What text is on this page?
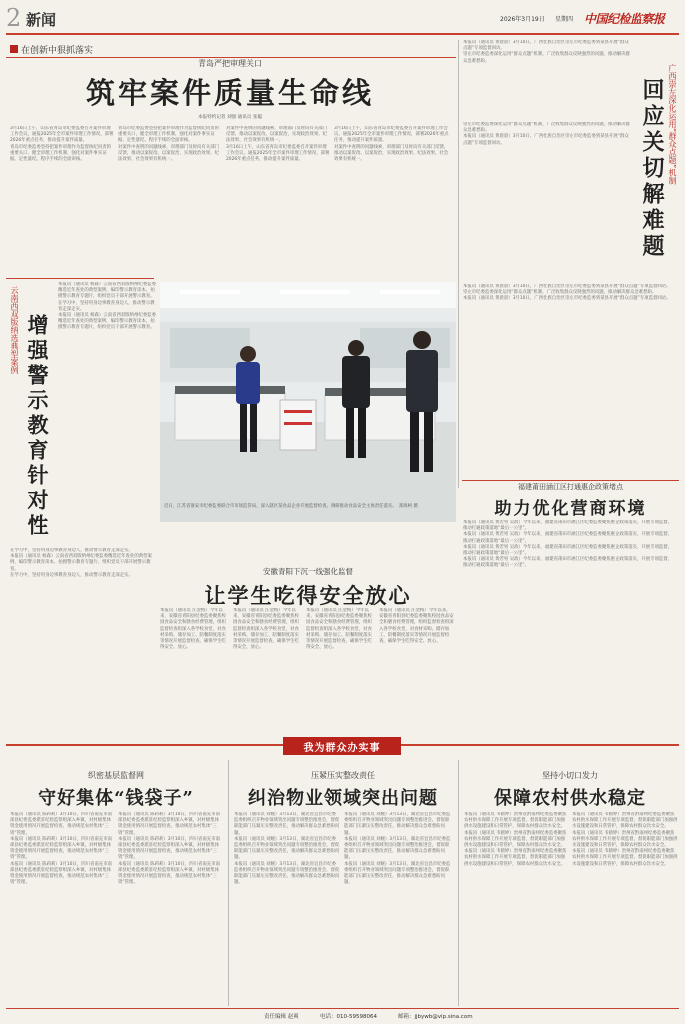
2 新闻	2026年3月19日 星期四 中国纪检监察报
在创新中狠抓落实
青岛严把审理关口
筑牢案件质量生命线
本报特约记者 刘强 通讯员 张聪

3月16日上午，山东省青岛市纪委监委召开案件审理工作会议，通报2025年全市案件审理工作情况，部署2026年重点任务，推动提升案件质量。

青岛市纪委监委坚持把案件审理作为监督执纪问责的重要关口，健全审理工作机制，强化对案件事实证据、定性量纪、程序手续的全面审核。

青岛市纪委监委坚持把案件审理作为监督执纪问责的重要关口，健全审理工作机制，强化对案件事实证据、定性量纪、程序手续的全面审核。

对案件中查明的问题线索，审理部门及时向有关部门反馈，推动以案促改、以案促治，实现政治效果、纪法效果、社会效果有机统一。

对案件中查明的问题线索，审理部门及时向有关部门反馈，推动以案促改、以案促治，实现政治效果、纪法效果、社会效果有机统一。

3月16日上午，山东省青岛市纪委监委召开案件审理工作会议，通报2025年全市案件审理工作情况，部署2026年重点任务，推动提升案件质量。

3月16日上午，山东省青岛市纪委监委召开案件审理工作会议，通报2025年全市案件审理工作情况，部署2026年重点任务，推动提升案件质量。

对案件中查明的问题线索，审理部门及时向有关部门反馈，推动以案促改、以案促治，实现政治效果、纪法效果、社会效果有机统一。	回应关切解难题 广西崇左深化运用“群众点题”机制

本报讯（通讯员 黄晨晨）3月10日，广西壮族自治区崇左市纪委监委到某县开展“群众点题”专项监督回访。

崇左市纪委监委深化运用“群众点题”机制，广泛收集群众反映强烈的问题，推动解决群众急难愁盼。

崇左市纪委监委深化运用“群众点题”机制，广泛收集群众反映强烈的问题，推动解决群众急难愁盼。

本报讯（通讯员 黄晨晨）3月10日，广西壮族自治区崇左市纪委监委到某县开展“群众点题”专项监督回访。

本报讯（通讯员 黄晨晨）3月10日，广西壮族自治区崇左市纪委监委到某县开展“群众点题”专项监督回访。

崇左市纪委监委深化运用“群众点题”机制，广泛收集群众反映强烈的问题，推动解决群众急难愁盼。

本报讯（通讯员 黄晨晨）3月10日，广西壮族自治区崇左市纪委监委到某县开展“群众点题”专项监督回访。

云南西双版纳选典型案例 增强警示教育针对性

本报讯（通讯员 杨森）云南省西双版纳州纪委监委精选近年查处的典型案例，编印警示教育读本，拍摄警示教育专题片，组织党员干部开展警示教育。

在学习中，坚持用身边事教育身边人，推动警示教育走深走实。

本报讯（通讯员 杨森）云南省西双版纳州纪委监委精选近年查处的典型案例，编印警示教育读本，拍摄警示教育专题片，组织党员干部开展警示教育。

在学习中，坚持用身边事教育身边人，推动警示教育走深走实。

本报讯（通讯员 杨森）云南省西双版纳州纪委监委精选近年查处的典型案例，编印警示教育读本，拍摄警示教育专题片，组织党员干部开展警示教育。

在学习中，坚持用身边事教育身边人，推动警示教育走深走实。

近日，江苏省淮安市纪委监委联合市市场监管局，深入辖区某食品企业开展监督检查，调研推动食品安全主体责任落实。　郑海柯 摄
福建莆田涵江区打通惠企政策堵点
助力优化营商环境

本报讯（通讯员 黄若男 吴政）今年以来，福建省莆田市涵江区纪委监委聚焦惠企政策落实，开展专项监督，推动打通政策落地“最后一公里”。

本报讯（通讯员 黄若男 吴政）今年以来，福建省莆田市涵江区纪委监委聚焦惠企政策落实，开展专项监督，推动打通政策落地“最后一公里”。

本报讯（通讯员 黄若男 吴政）今年以来，福建省莆田市涵江区纪委监委聚焦惠企政策落实，开展专项监督，推动打通政策落地“最后一公里”。

本报讯（通讯员 黄若男 吴政）今年以来，福建省莆田市涵江区纪委监委聚焦惠企政策落实，开展专项监督，推动打通政策落地“最后一公里”。

安徽青阳下沉一线强化监督
让学生吃得安全放心

本报讯（通讯员 汪金梅）今年以来，安徽省青阳县纪委监委聚焦校园食品安全和膳食经费管理，组织监督检查组深入各学校食堂，对食材采购、储存加工、陪餐制度落实等情况开展监督检查，确保学生吃得安全、放心。

本报讯（通讯员 汪金梅）今年以来，安徽省青阳县纪委监委聚焦校园食品安全和膳食经费管理，组织监督检查组深入各学校食堂，对食材采购、储存加工、陪餐制度落实等情况开展监督检查，确保学生吃得安全、放心。

本报讯（通讯员 汪金梅）今年以来，安徽省青阳县纪委监委聚焦校园食品安全和膳食经费管理，组织监督检查组深入各学校食堂，对食材采购、储存加工、陪餐制度落实等情况开展监督检查，确保学生吃得安全、放心。

本报讯（通讯员 汪金梅）今年以来，安徽省青阳县纪委监委聚焦校园食品安全和膳食经费管理，组织监督检查组深入各学校食堂，对食材采购、储存加工、陪餐制度落实等情况开展监督检查，确保学生吃得安全、放心。

我为群众办实事
织密基层监督网
守好集体“钱袋子”

本报讯（通讯员 陈莉莉）3月10日，四川省南充市南部县纪委监委派驻纪检监察组深入乡镇，对村级集体资金使用情况开展监督检查，推动规范农村集体“三资”管理。

本报讯（通讯员 陈莉莉）3月10日，四川省南充市南部县纪委监委派驻纪检监察组深入乡镇，对村级集体资金使用情况开展监督检查，推动规范农村集体“三资”管理。

本报讯（通讯员 陈莉莉）3月10日，四川省南充市南部县纪委监委派驻纪检监察组深入乡镇，对村级集体资金使用情况开展监督检查，推动规范农村集体“三资”管理。

本报讯（通讯员 陈莉莉）3月10日，四川省南充市南部县纪委监委派驻纪检监察组深入乡镇，对村级集体资金使用情况开展监督检查，推动规范农村集体“三资”管理。

本报讯（通讯员 陈莉莉）3月10日，四川省南充市南部县纪委监委派驻纪检监察组深入乡镇，对村级集体资金使用情况开展监督检查，推动规范农村集体“三资”管理。

本报讯（通讯员 陈莉莉）3月10日，四川省南充市南部县纪委监委派驻纪检监察组深入乡镇，对村级集体资金使用情况开展监督检查，推动规范农村集体“三资”管理。

压紧压实整改责任
纠治物业领域突出问题

本报讯（通讯员 刘婉）3月13日，湖北省宜昌市纪委监委组织召开物业领域突出问题专项整治推进会，督促职能部门压紧压实整改责任，推动解决群众急难愁盼问题。

本报讯（通讯员 刘婉）3月13日，湖北省宜昌市纪委监委组织召开物业领域突出问题专项整治推进会，督促职能部门压紧压实整改责任，推动解决群众急难愁盼问题。

本报讯（通讯员 刘婉）3月13日，湖北省宜昌市纪委监委组织召开物业领域突出问题专项整治推进会，督促职能部门压紧压实整改责任，推动解决群众急难愁盼问题。

本报讯（通讯员 刘婉）3月13日，湖北省宜昌市纪委监委组织召开物业领域突出问题专项整治推进会，督促职能部门压紧压实整改责任，推动解决群众急难愁盼问题。

本报讯（通讯员 刘婉）3月13日，湖北省宜昌市纪委监委组织召开物业领域突出问题专项整治推进会，督促职能部门压紧压实整改责任，推动解决群众急难愁盼问题。

本报讯（通讯员 刘婉）3月13日，湖北省宜昌市纪委监委组织召开物业领域突出问题专项整治推进会，督促职能部门压紧压实整改责任，推动解决群众急难愁盼问题。

坚持小切口发力
保障农村供水稳定

本报讯（通讯员 韦鹤婷）贵州省黔南州纪委监委聚焦农村供水保障工作开展专项监督，督促职能部门加强供水设施建设和日常管护，保障农村群众饮水安全。

本报讯（通讯员 韦鹤婷）贵州省黔南州纪委监委聚焦农村供水保障工作开展专项监督，督促职能部门加强供水设施建设和日常管护，保障农村群众饮水安全。

本报讯（通讯员 韦鹤婷）贵州省黔南州纪委监委聚焦农村供水保障工作开展专项监督，督促职能部门加强供水设施建设和日常管护，保障农村群众饮水安全。

本报讯（通讯员 韦鹤婷）贵州省黔南州纪委监委聚焦农村供水保障工作开展专项监督，督促职能部门加强供水设施建设和日常管护，保障农村群众饮水安全。

本报讯（通讯员 韦鹤婷）贵州省黔南州纪委监委聚焦农村供水保障工作开展专项监督，督促职能部门加强供水设施建设和日常管护，保障农村群众饮水安全。

本报讯（通讯员 韦鹤婷）贵州省黔南州纪委监委聚焦农村供水保障工作开展专项监督，督促职能部门加强供水设施建设和日常管护，保障农村群众饮水安全。

责任编辑 赵爽	电话：010-59598064	邮箱：jjbywb@vip.sina.com
